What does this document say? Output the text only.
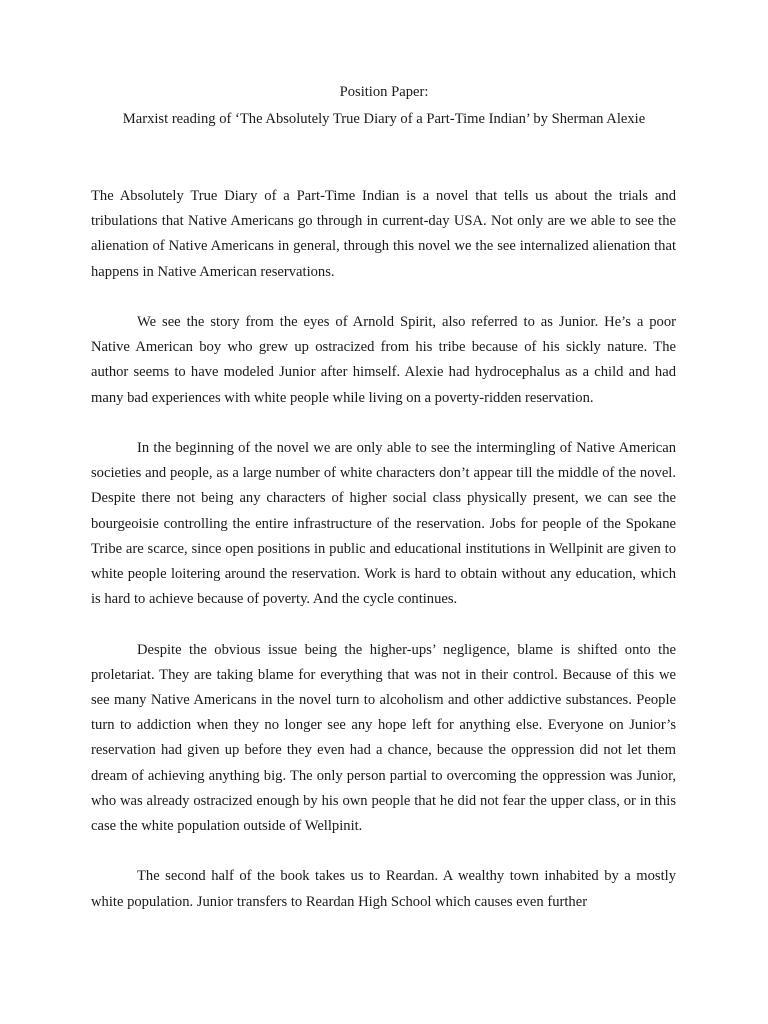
Position Paper:
Marxist reading of ‘The Absolutely True Diary of a Part-Time Indian’ by Sherman Alexie

The Absolutely True Diary of a Part-Time Indian is a novel that tells us about the trials and tribulations that Native Americans go through in current-day USA. Not only are we able to see the alienation of Native Americans in general, through this novel we the see internalized alienation that happens in Native American reservations.

We see the story from the eyes of Arnold Spirit, also referred to as Junior. He’s a poor Native American boy who grew up ostracized from his tribe because of his sickly nature. The author seems to have modeled Junior after himself. Alexie had hydrocephalus as a child and had many bad experiences with white people while living on a poverty-ridden reservation.

In the beginning of the novel we are only able to see the intermingling of Native American societies and people, as a large number of white characters don’t appear till the middle of the novel. Despite there not being any characters of higher social class physically present, we can see the bourgeoisie controlling the entire infrastructure of the reservation. Jobs for people of the Spokane Tribe are scarce, since open positions in public and educational institutions in Wellpinit are given to white people loitering around the reservation. Work is hard to obtain without any education, which is hard to achieve because of poverty. And the cycle continues.

Despite the obvious issue being the higher-ups’ negligence, blame is shifted onto the proletariat. They are taking blame for everything that was not in their control. Because of this we see many Native Americans in the novel turn to alcoholism and other addictive substances. People turn to addiction when they no longer see any hope left for anything else. Everyone on Junior’s reservation had given up before they even had a chance, because the oppression did not let them dream of achieving anything big. The only person partial to overcoming the oppression was Junior, who was already ostracized enough by his own people that he did not fear the upper class, or in this case the white population outside of Wellpinit.

The second half of the book takes us to Reardan. A wealthy town inhabited by a mostly white population. Junior transfers to Reardan High School which causes even further
